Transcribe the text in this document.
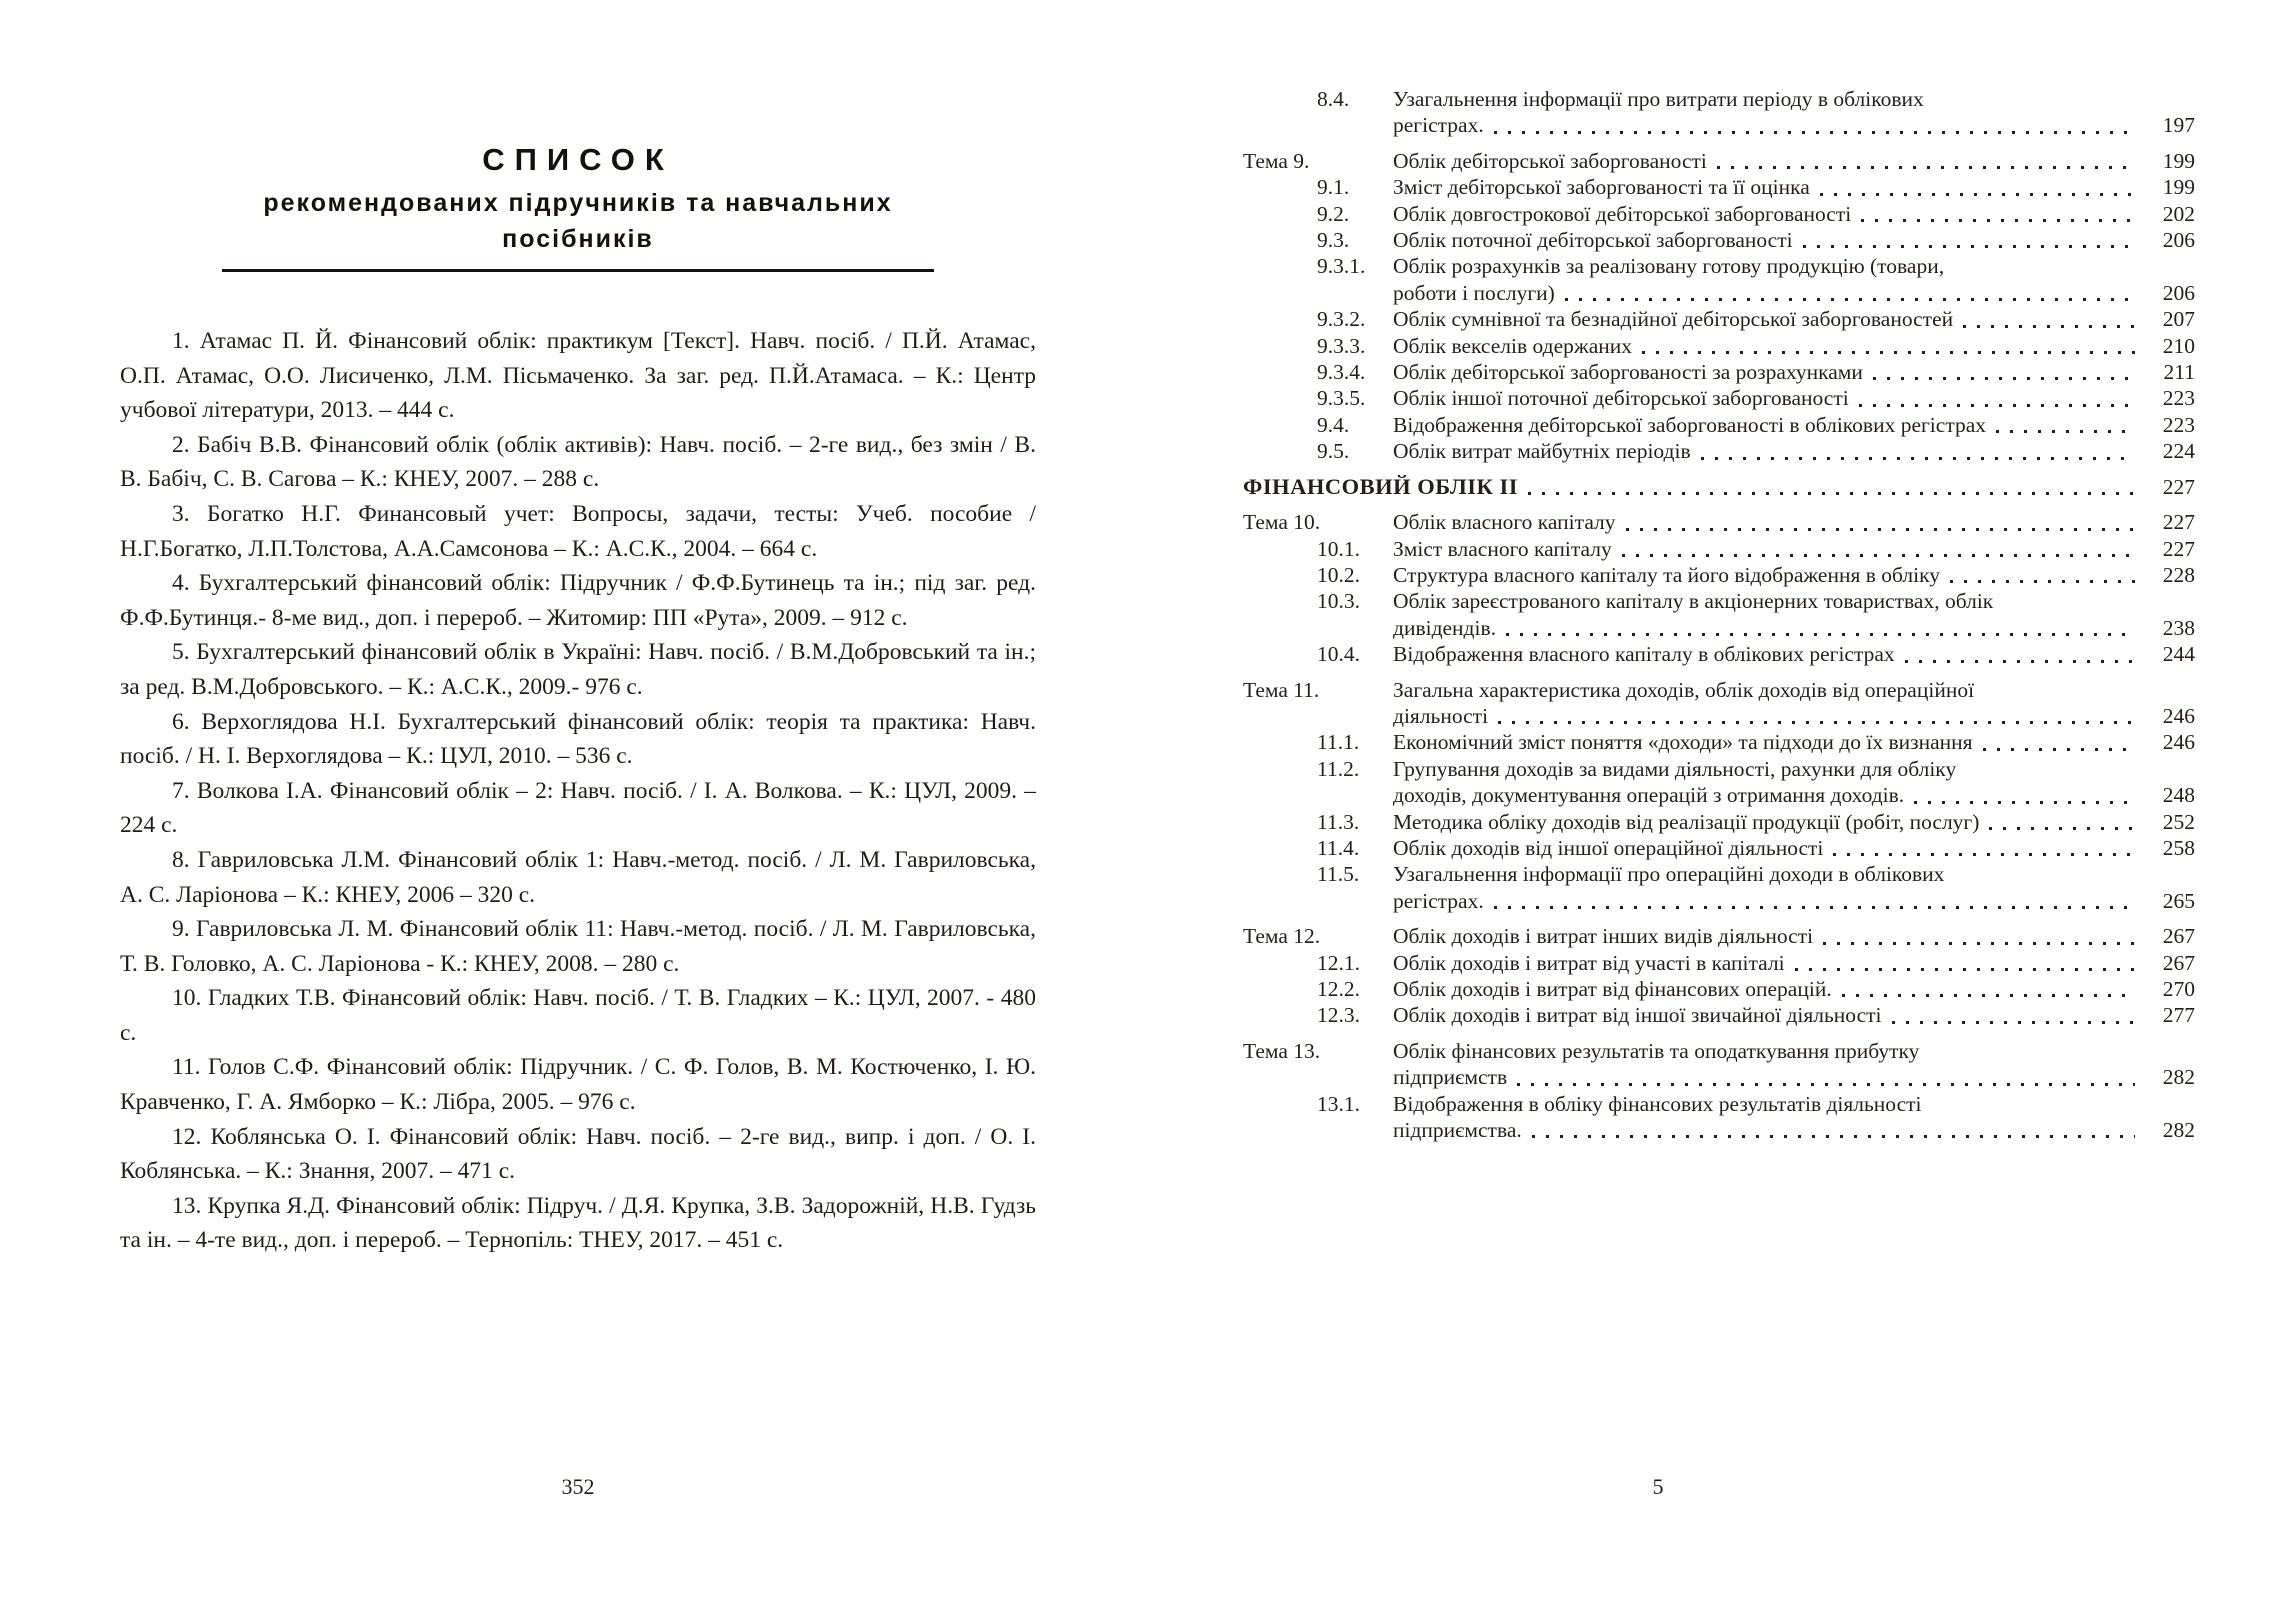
СПИСОК
рекомендованих підручників та навчальних
посібників

1. Атамас П. Й. Фінансовий облік: практикум [Текст]. Навч. посіб. / П.Й. Атамас, О.П. Атамас, О.О. Лисиченко, Л.М. Пісьмаченко. За заг. ред. П.Й.Атамаса. – К.: Центр учбової літератури, 2013. – 444 с.

2. Бабіч В.В. Фінансовий облік (облік активів): Навч. посіб. – 2-ге вид., без змін / В. В. Бабіч, С. В. Сагова – К.: КНЕУ, 2007. – 288 с.

3. Богатко Н.Г. Финансовый учет: Вопросы, задачи, тесты: Учеб. пособие / Н.Г.Богатко, Л.П.Толстова, А.А.Самсонова – К.: А.С.К., 2004. – 664 с.

4. Бухгалтерський фінансовий облік: Підручник / Ф.Ф.Бутинець та ін.; під заг. ред. Ф.Ф.Бутинця.- 8-ме вид., доп. і перероб. – Житомир: ПП «Рута», 2009. – 912 с.

5. Бухгалтерський фінансовий облік в Україні: Навч. посіб. / В.М.Добровський та ін.; за ред. В.М.Добровського. – К.: А.С.К., 2009.- 976 с.

6. Верхоглядова Н.І. Бухгалтерський фінансовий облік: теорія та практика: Навч. посіб. / Н. І. Верхоглядова – К.: ЦУЛ, 2010. – 536 с.

7. Волкова І.А. Фінансовий облік – 2: Навч. посіб. / І. А. Волкова. – К.: ЦУЛ, 2009. – 224 с.

8. Гавриловська Л.М. Фінансовий облік 1: Навч.-метод. посіб. / Л. М. Гавриловська, А. С. Ларіонова – К.: КНЕУ, 2006 – 320 с.

9. Гавриловська Л. М. Фінансовий облік 11: Навч.-метод. посіб. / Л. М. Гавриловська, Т. В. Головко, А. С. Ларіонова - К.: КНЕУ, 2008. – 280 с.

10. Гладких Т.В. Фінансовий облік: Навч. посіб. / Т. В. Гладких – К.: ЦУЛ, 2007. - 480 с.

11. Голов С.Ф. Фінансовий облік: Підручник. / С. Ф. Голов, В. М. Костюченко, І. Ю. Кравченко, Г. А. Ямборко – К.: Лібра, 2005. – 976 с.

12. Коблянська О. І. Фінансовий облік: Навч. посіб. – 2-ге вид., випр. і доп. / О. І. Коблянська. – К.: Знання, 2007. – 471 с.

13. Крупка Я.Д. Фінансовий облік: Підруч. / Д.Я. Крупка, З.В. Задорожній, Н.В. Гудзь та ін. – 4-те вид., доп. і перероб. – Тернопіль: ТНЕУ, 2017. – 451 с.

8.4.	Узагальнення інформації про витрати періоду в облікових
регістрах.	197
Тема 9.	Облік дебіторської заборгованості	199
9.1.	Зміст дебіторської заборгованості та її оцінка	199
9.2.	Облік довгострокової дебіторської заборгованості	202
9.3.	Облік поточної дебіторської заборгованості	206
9.3.1.	Облік розрахунків за реалізовану готову продукцію (товари,
роботи і послуги)	206
9.3.2.	Облік сумнівної та безнадійної дебіторської заборгованостей	207
9.3.3.	Облік векселів одержаних	210
9.3.4.	Облік дебіторської заборгованості за розрахунками	211
9.3.5.	Облік іншої поточної дебіторської заборгованості	223
9.4.	Відображення дебіторської заборгованості в облікових регістрах	223
9.5.	Облік витрат майбутніх періодів	224
ФІНАНСОВИЙ ОБЛІК ІІ	227
Тема 10.	Облік власного капіталу	227
10.1.	Зміст власного капіталу	227
10.2.	Структура власного капіталу та його відображення в обліку	228
10.3.	Облік зареєстрованого капіталу в акціонерних товариствах, облік
дивідендів.	238
10.4.	Відображення власного капіталу в облікових регістрах	244
Тема 11.	Загальна характеристика доходів, облік доходів від операційної
діяльності	246
11.1.	Економічний зміст поняття «доходи» та підходи до їх визнання	246
11.2.	Групування доходів за видами діяльності, рахунки для обліку
доходів, документування операцій з отримання доходів.	248
11.3.	Методика обліку доходів від реалізації продукції (робіт, послуг)	252
11.4.	Облік доходів від іншої операційної діяльності	258
11.5.	Узагальнення інформації про операційні доходи в облікових
регістрах.	265
Тема 12.	Облік доходів і витрат інших видів діяльності	267
12.1.	Облік доходів і витрат від участі в капіталі	267
12.2.	Облік доходів і витрат від фінансових операцій.	270
12.3.	Облік доходів і витрат від іншої звичайної діяльності	277
Тема 13.	Облік фінансових результатів та оподаткування прибутку
підприємств	282
13.1.	Відображення в обліку фінансових результатів діяльності
підприємства.	282
352	5
